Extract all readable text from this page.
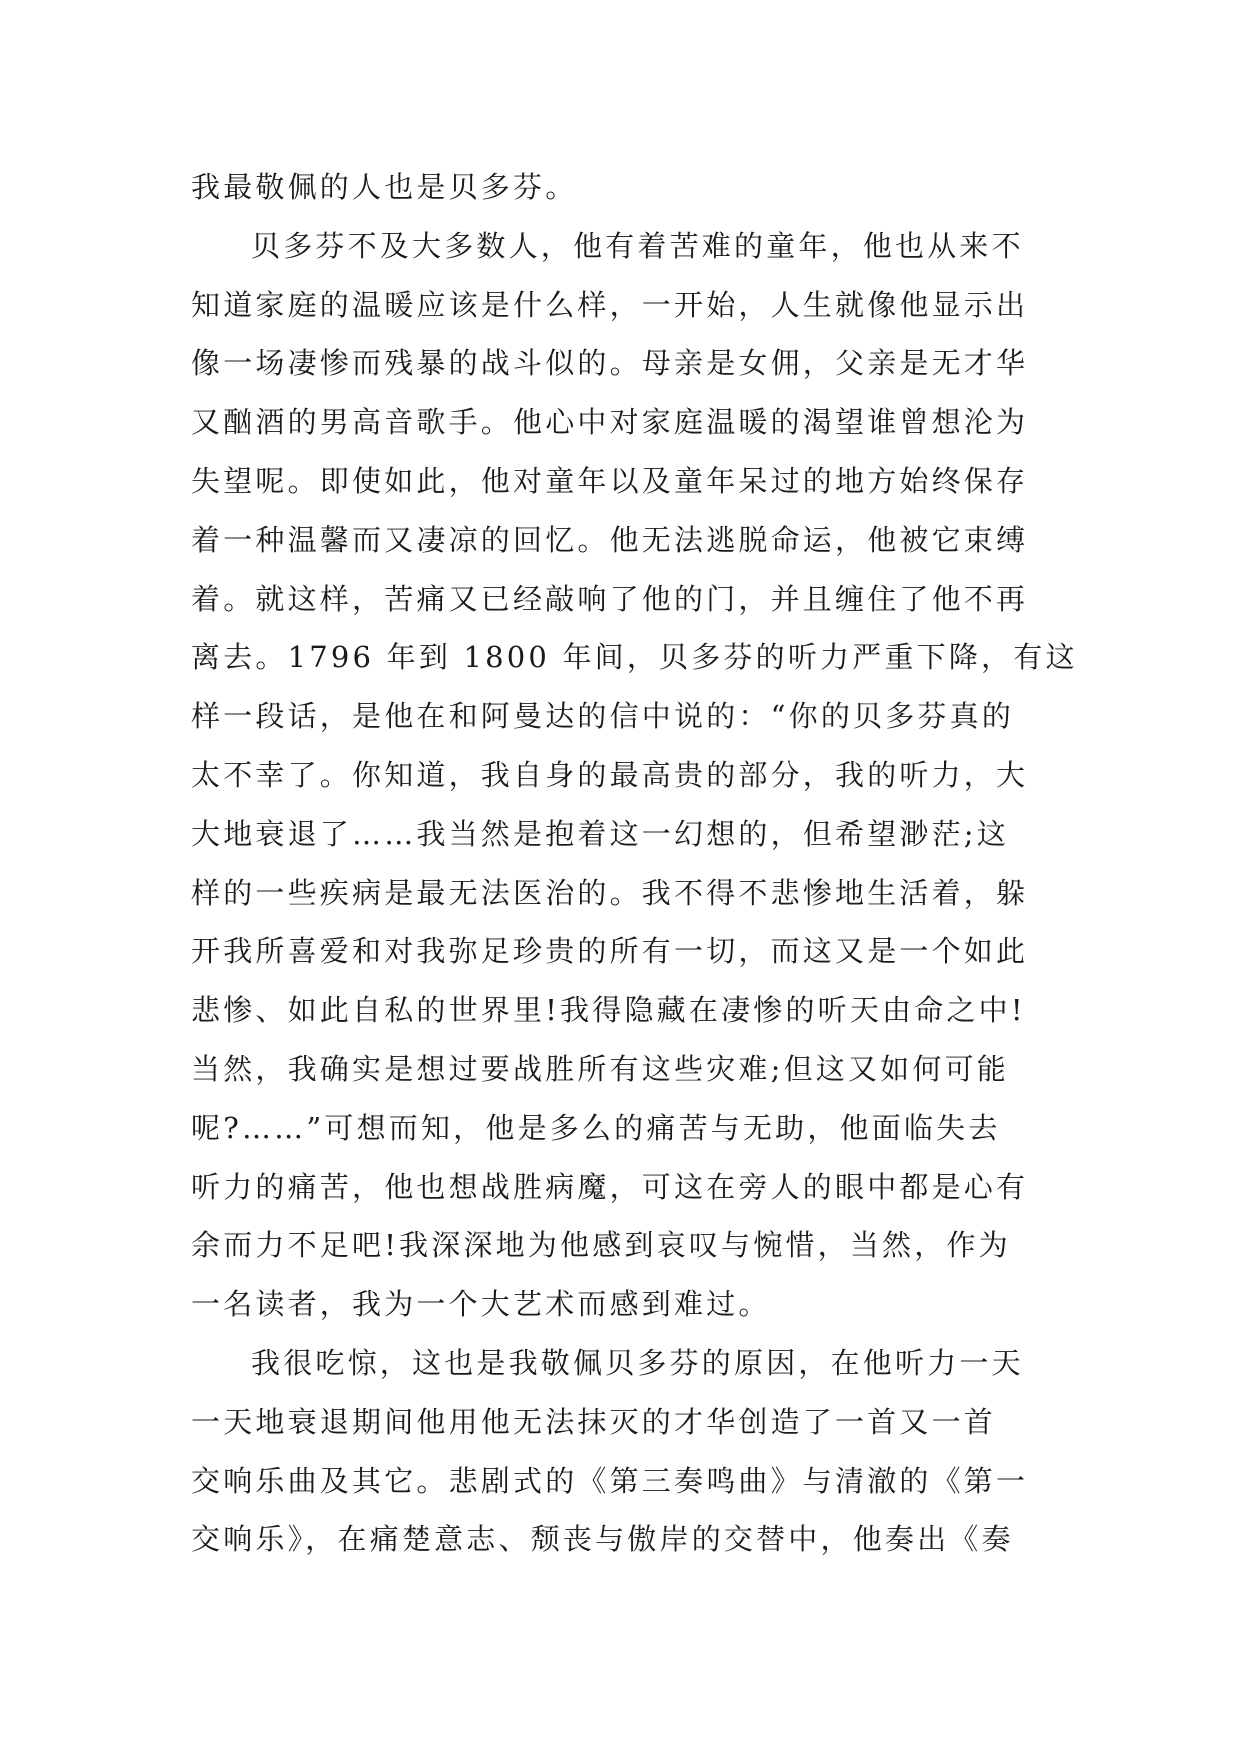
我最敬佩的人也是贝多芬。
贝多芬不及大多数人，他有着苦难的童年，他也从来不
知道家庭的温暖应该是什么样，一开始，人生就像他显示出
像一场凄惨而残暴的战斗似的。母亲是女佣，父亲是无才华
又酗酒的男高音歌手。他心中对家庭温暖的渴望谁曾想沦为
失望呢。即使如此，他对童年以及童年呆过的地方始终保存
着一种温馨而又凄凉的回忆。他无法逃脱命运，他被它束缚
着。就这样，苦痛又已经敲响了他的门，并且缠住了他不再
离去。1796 年到 1800 年间，贝多芬的听力严重下降，有这
样一段话，是他在和阿曼达的信中说的：“你的贝多芬真的
太不幸了。你知道，我自身的最高贵的部分，我的听力，大
大地衰退了……我当然是抱着这一幻想的，但希望渺茫;这
样的一些疾病是最无法医治的。我不得不悲惨地生活着，躲
开我所喜爱和对我弥足珍贵的所有一切，而这又是一个如此
悲惨、如此自私的世界里!我得隐藏在凄惨的听天由命之中!
当然，我确实是想过要战胜所有这些灾难;但这又如何可能
呢?……”可想而知，他是多么的痛苦与无助，他面临失去
听力的痛苦，他也想战胜病魔，可这在旁人的眼中都是心有
余而力不足吧!我深深地为他感到哀叹与惋惜，当然，作为
一名读者，我为一个大艺术而感到难过。
我很吃惊，这也是我敬佩贝多芬的原因，在他听力一天
一天地衰退期间他用他无法抹灭的才华创造了一首又一首
交响乐曲及其它。悲剧式的《第三奏鸣曲》与清澈的《第一
交响乐》，在痛楚意志、颓丧与傲岸的交替中，他奏出《奏
